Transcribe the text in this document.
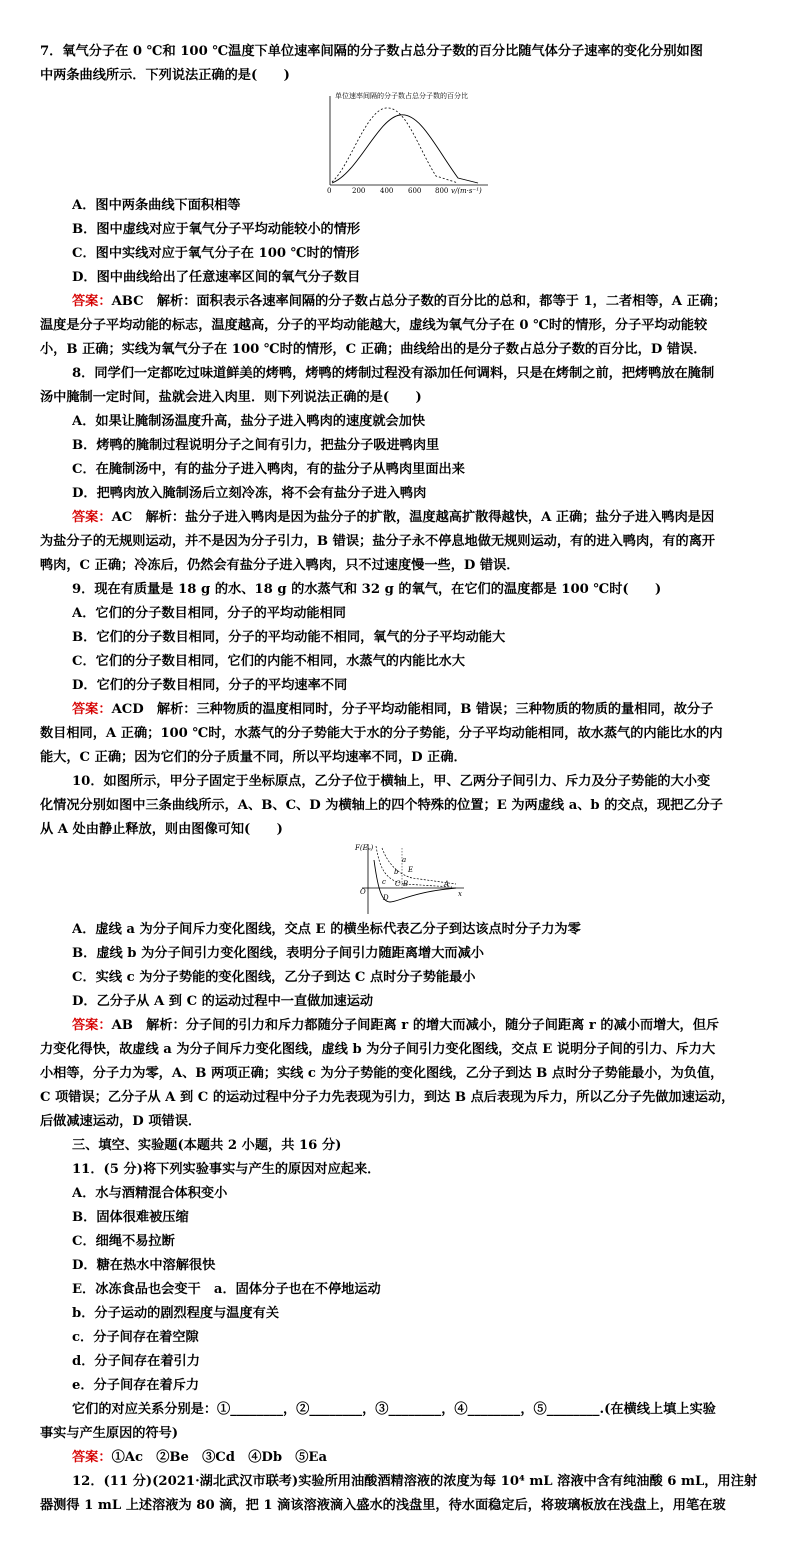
7．氧气分子在 0 ℃和 100 ℃温度下单位速率间隔的分子数占总分子数的百分比随气体分子速率的变化分别如图
中两条曲线所示．下列说法正确的是(　　)
单位速率间隔的分子数占总分子数的百分比
0	200 400 600 800 v/(m·s⁻¹)
A．图中两条曲线下面积相等
B．图中虚线对应于氧气分子平均动能较小的情形
C．图中实线对应于氧气分子在 100 ℃时的情形
D．图中曲线给出了任意速率区间的氧气分子数目
答案：ABC　解析：面积表示各速率间隔的分子数占总分子数的百分比的总和，都等于 1，二者相等，A 正确；
温度是分子平均动能的标志，温度越高，分子的平均动能越大，虚线为氧气分子在 0 ℃时的情形，分子平均动能较
小，B 正确；实线为氧气分子在 100 ℃时的情形，C 正确；曲线给出的是分子数占总分子数的百分比，D 错误．
8．同学们一定都吃过味道鲜美的烤鸭，烤鸭的烤制过程没有添加任何调料，只是在烤制之前，把烤鸭放在腌制
汤中腌制一定时间，盐就会进入肉里．则下列说法正确的是(　　)
A．如果让腌制汤温度升高，盐分子进入鸭肉的速度就会加快
B．烤鸭的腌制过程说明分子之间有引力，把盐分子吸进鸭肉里
C．在腌制汤中，有的盐分子进入鸭肉，有的盐分子从鸭肉里面出来
D．把鸭肉放入腌制汤后立刻冷冻，将不会有盐分子进入鸭肉
答案：AC　解析：盐分子进入鸭肉是因为盐分子的扩散，温度越高扩散得越快，A 正确；盐分子进入鸭肉是因
为盐分子的无规则运动，并不是因为分子引力，B 错误；盐分子永不停息地做无规则运动，有的进入鸭肉，有的离开
鸭肉，C 正确；冷冻后，仍然会有盐分子进入鸭肉，只不过速度慢一些，D 错误．
9．现在有质量是 18 g 的水、18 g 的水蒸气和 32 g 的氧气，在它们的温度都是 100 ℃时(　　)
A．它们的分子数目相同，分子的平均动能相同
B．它们的分子数目相同，分子的平均动能不相同，氧气的分子平均动能大
C．它们的分子数目相同，它们的内能不相同，水蒸气的内能比水大
D．它们的分子数目相同，分子的平均速率不同
答案：ACD　解析：三种物质的温度相同时，分子平均动能相同，B 错误；三种物质的物质的量相同，故分子
数目相同，A 正确；100 ℃时，水蒸气的分子势能大于水的分子势能，分子平均动能相同，故水蒸气的内能比水的内
能大，C 正确；因为它们的分子质量不同，所以平均速率不同，D 正确．
10．如图所示，甲分子固定于坐标原点，乙分子位于横轴上，甲、乙两分子间引力、斥力及分子势能的大小变
化情况分别如图中三条曲线所示，A、B、C、D 为横轴上的四个特殊的位置；E 为两虚线 a、b 的交点，现把乙分子
从 A 处由静止释放，则由图像可知(　　)
F(Eₚ)
a
E
b
c C B	A
O
D	x
A．虚线 a 为分子间斥力变化图线，交点 E 的横坐标代表乙分子到达该点时分子力为零
B．虚线 b 为分子间引力变化图线，表明分子间引力随距离增大而减小
C．实线 c 为分子势能的变化图线，乙分子到达 C 点时分子势能最小
D．乙分子从 A 到 C 的运动过程中一直做加速运动
答案：AB　解析：分子间的引力和斥力都随分子间距离 r 的增大而减小，随分子间距离 r 的减小而增大，但斥
力变化得快，故虚线 a 为分子间斥力变化图线，虚线 b 为分子间引力变化图线，交点 E 说明分子间的引力、斥力大
小相等，分子力为零，A、B 两项正确；实线 c 为分子势能的变化图线，乙分子到达 B 点时分子势能最小，为负值，
C 项错误；乙分子从 A 到 C 的运动过程中分子力先表现为引力，到达 B 点后表现为斥力，所以乙分子先做加速运动，
后做减速运动，D 项错误．
三、填空、实验题(本题共 2 小题，共 16 分)
11．(5 分)将下列实验事实与产生的原因对应起来．
A．水与酒精混合体积变小
B．固体很难被压缩
C．细绳不易拉断
D．糖在热水中溶解很快
E．冰冻食品也会变干　a．固体分子也在不停地运动
b．分子运动的剧烈程度与温度有关
c．分子间存在着空隙
d．分子间存在着引力
e．分子间存在着斥力
它们的对应关系分别是：①________，②________，③________，④________，⑤________.(在横线上填上实验
事实与产生原因的符号)
答案：①Ac　②Be　③Cd　④Db　⑤Ea
12．(11 分)(2021·湖北武汉市联考)实验所用油酸酒精溶液的浓度为每 10⁴ mL 溶液中含有纯油酸 6 mL，用注射
器测得 1 mL 上述溶液为 80 滴，把 1 滴该溶液滴入盛水的浅盘里，待水面稳定后，将玻璃板放在浅盘上，用笔在玻
